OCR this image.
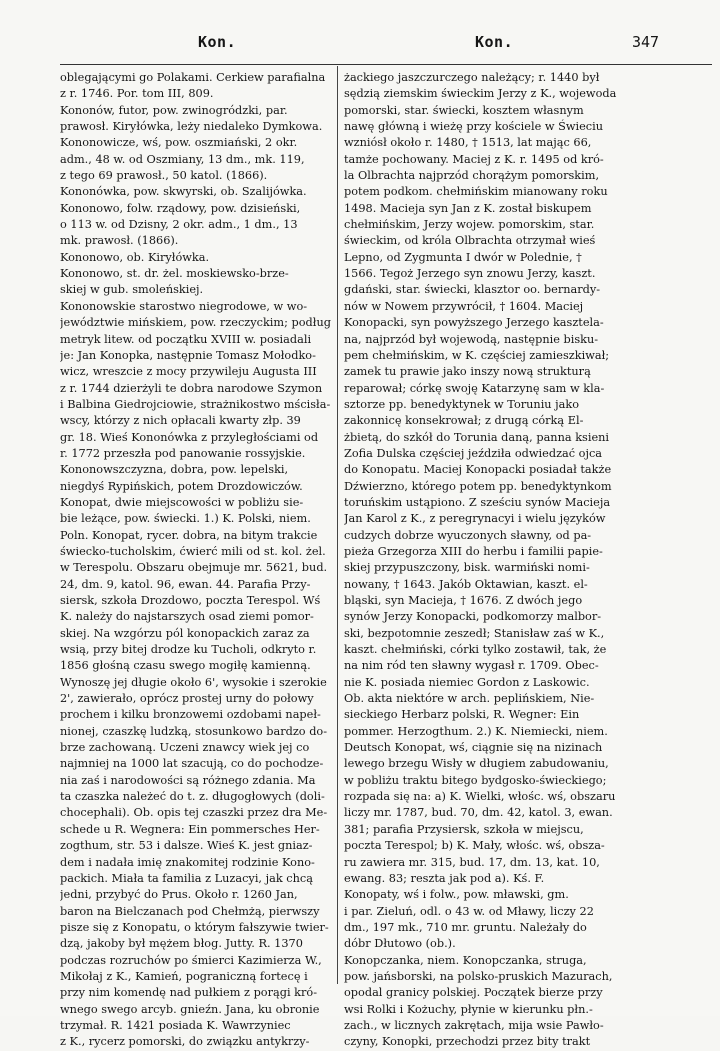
Kon.	Kon.	347

oblegającymi go Polakami. Cerkiew parafialna

z r. 1746. Por. tom III, 809.

Kononów, futor, pow. zwinogródzki, par.

prawosł. Kiryłówka, leży niedaleko Dymkowa.

Kononowicze, wś, pow. oszmiański, 2 okr.

adm., 48 w. od Oszmiany, 13 dm., mk. 119,

z tego 69 prawosł., 50 katol. (1866).

Kononówka, pow. skwyrski, ob. Szalijówka.

Kononowo, folw. rządowy, pow. dzisieński,

o 113 w. od Dzisny, 2 okr. adm., 1 dm., 13

mk. prawosł. (1866).

Kononowo, ob. Kiryłówka.

Kononowo, st. dr. żel. moskiewsko-brze-

skiej w gub. smoleńskiej.

Kononowskie starostwo niegrodowe, w wo-

jewództwie mińskiem, pow. rzeczyckim; podług

metryk litew. od początku XVIII w. posiadali

je: Jan Konopka, następnie Tomasz Mołodko-

wicz, wreszcie z mocy przywileju Augusta III

z r. 1744 dzierżyli te dobra narodowe Szymon

i Balbina Giedrojciowie, strażnikostwo mścisła-

wscy, którzy z nich opłacali kwarty złp. 39

gr. 18. Wieś Kononówka z przyległościami od

r. 1772 przeszła pod panowanie rossyjskie.

Kononowszczyzna, dobra, pow. lepelski,

niegdyś Rypińskich, potem Drozdowiczów.

Konopat, dwie miejscowości w pobliżu sie-

bie leżące, pow. świecki. 1.) K. Polski, niem.

Poln. Konopat, rycer. dobra, na bitym trakcie

świecko-tucholskim, ćwierć mili od st. kol. żel.

w Terespolu. Obszaru obejmuje mr. 5621, bud.

24, dm. 9, katol. 96, ewan. 44. Parafia Przy-

siersk, szkoła Drozdowo, poczta Terespol. Wś

K. należy do najstarszych osad ziemi pomor-

skiej. Na wzgórzu pól konopackich zaraz za

wsią, przy bitej drodze ku Tucholi, odkryto r.

1856 głośną czasu swego mogiłę kamienną.

Wynoszę jej długie około 6', wysokie i szerokie

2', zawierało, oprócz prostej urny do połowy

prochem i kilku bronzowemi ozdobami napeł-

nionej, czaszkę ludzką, stosunkowo bardzo do-

brze zachowaną. Uczeni znawcy wiek jej co

najmniej na 1000 lat szacują, co do pochodze-

nia zaś i narodowości są różnego zdania. Ma

ta czaszka należeć do t. z. długogłowych (doli-

chocephali). Ob. opis tej czaszki przez dra Me-

schede u R. Wegnera: Ein pommersches Her-

zogthum, str. 53 i dalsze. Wieś K. jest gniaz-

dem i nadała imię znakomitej rodzinie Kono-

packich. Miała ta familia z Luzacyi, jak chcą

jedni, przybyć do Prus. Około r. 1260 Jan,

baron na Bielczanach pod Chełmżą, pierwszy

pisze się z Konopatu, o którym fałszywie twier-

dzą, jakoby był mężem błog. Jutty. R. 1370

podczas rozruchów po śmierci Kazimierza W.,

Mikołaj z K., Kamień, pograniczną fortecę i

przy nim komendę nad pułkiem z porągi kró-

wnego swego arcyb. gnieźn. Jana, ku obronie

trzymał. R. 1421 posiada K. Wawrzyniec

z K., rycerz pomorski, do związku antykrzy-

żackiego jaszczurczego należący; r. 1440 był

sędzią ziemskim świeckim Jerzy z K., wojewoda

pomorski, star. świecki, kosztem własnym

nawę główną i wieżę przy kościele w Świeciu

wzniósł około r. 1480, † 1513, lat mając 66,

tamże pochowany. Maciej z K. r. 1495 od kró-

la Olbrachta najprzód chorążym pomorskim,

potem podkom. chełmińskim mianowany roku

1498. Macieja syn Jan z K. został biskupem

chełmińskim, Jerzy wojew. pomorskim, star.

świeckim, od króla Olbrachta otrzymał wieś

Lepno, od Zygmunta I dwór w Polednie, †

1566. Tegoż Jerzego syn znowu Jerzy, kaszt.

gdański, star. świecki, klasztor oo. bernardy-

nów w Nowem przywrócił, † 1604. Maciej

Konopacki, syn powyższego Jerzego kasztela-

na, najprzód był wojewodą, następnie bisku-

pem chełmińskim, w K. częściej zamieszkiwał;

zamek tu prawie jako inszy nową strukturą

reparował; córkę swoję Katarzynę sam w kla-

sztorze pp. benedyktynek w Toruniu jako

zakonnicę konsekrował; z drugą córką El-

żbietą, do szkół do Torunia daną, panna ksieni

Zofia Dulska częściej jeździła odwiedzać ojca

do Konopatu. Maciej Konopacki posiadał także

Dźwierzno, którego potem pp. benedyktynkom

toruńskim ustąpiono. Z sześciu synów Macieja

Jan Karol z K., z peregrynacyi i wielu języków

cudzych dobrze wyuczonych sławny, od pa-

pieża Grzegorza XIII do herbu i familii papie-

skiej przypuszczony, bisk. warmiński nomi-

nowany, † 1643. Jakób Oktawian, kaszt. el-

bląski, syn Macieja, † 1676. Z dwóch jego

synów Jerzy Konopacki, podkomorzy malbor-

ski, bezpotomnie zeszedł; Stanisław zaś w K.,

kaszt. chełmiński, córki tylko zostawił, tak, że

na nim ród ten sławny wygasł r. 1709. Obec-

nie K. posiada niemiec Gordon z Laskowic.

Ob. akta niektóre w arch. peplińskiem, Nie-

sieckiego Herbarz polski, R. Wegner: Ein

pommer. Herzogthum. 2.) K. Niemiecki, niem.

Deutsch Konopat, wś, ciągnie się na nizinach

lewego brzegu Wisły w długiem zabudowaniu,

w pobliżu traktu bitego bydgosko-świeckiego;

rozpada się na: a) K. Wielki, włośc. wś, obszaru

liczy mr. 1787, bud. 70, dm. 42, katol. 3, ewan.

381; parafia Przysiersk, szkoła w miejscu,

poczta Terespol; b) K. Mały, włośc. wś, obsza-

ru zawiera mr. 315, bud. 17, dm. 13, kat. 10,

ewang. 83; reszta jak pod a). Kś. F.

Konopaty, wś i folw., pow. mławski, gm.

i par. Zieluń, odl. o 43 w. od Mławy, liczy 22

dm., 197 mk., 710 mr. gruntu. Należały do

dóbr Dłutowo (ob.).

Konopczanka, niem. Konopczanka, struga,

pow. jańsborski, na polsko-pruskich Mazurach,

opodal granicy polskiej. Początek bierze przy

wsi Rolki i Kożuchy, płynie w kierunku płn.-

zach., w licznych zakrętach, mija wsie Pawło-

czyny, Konopki, przechodzi przez bity trakt
